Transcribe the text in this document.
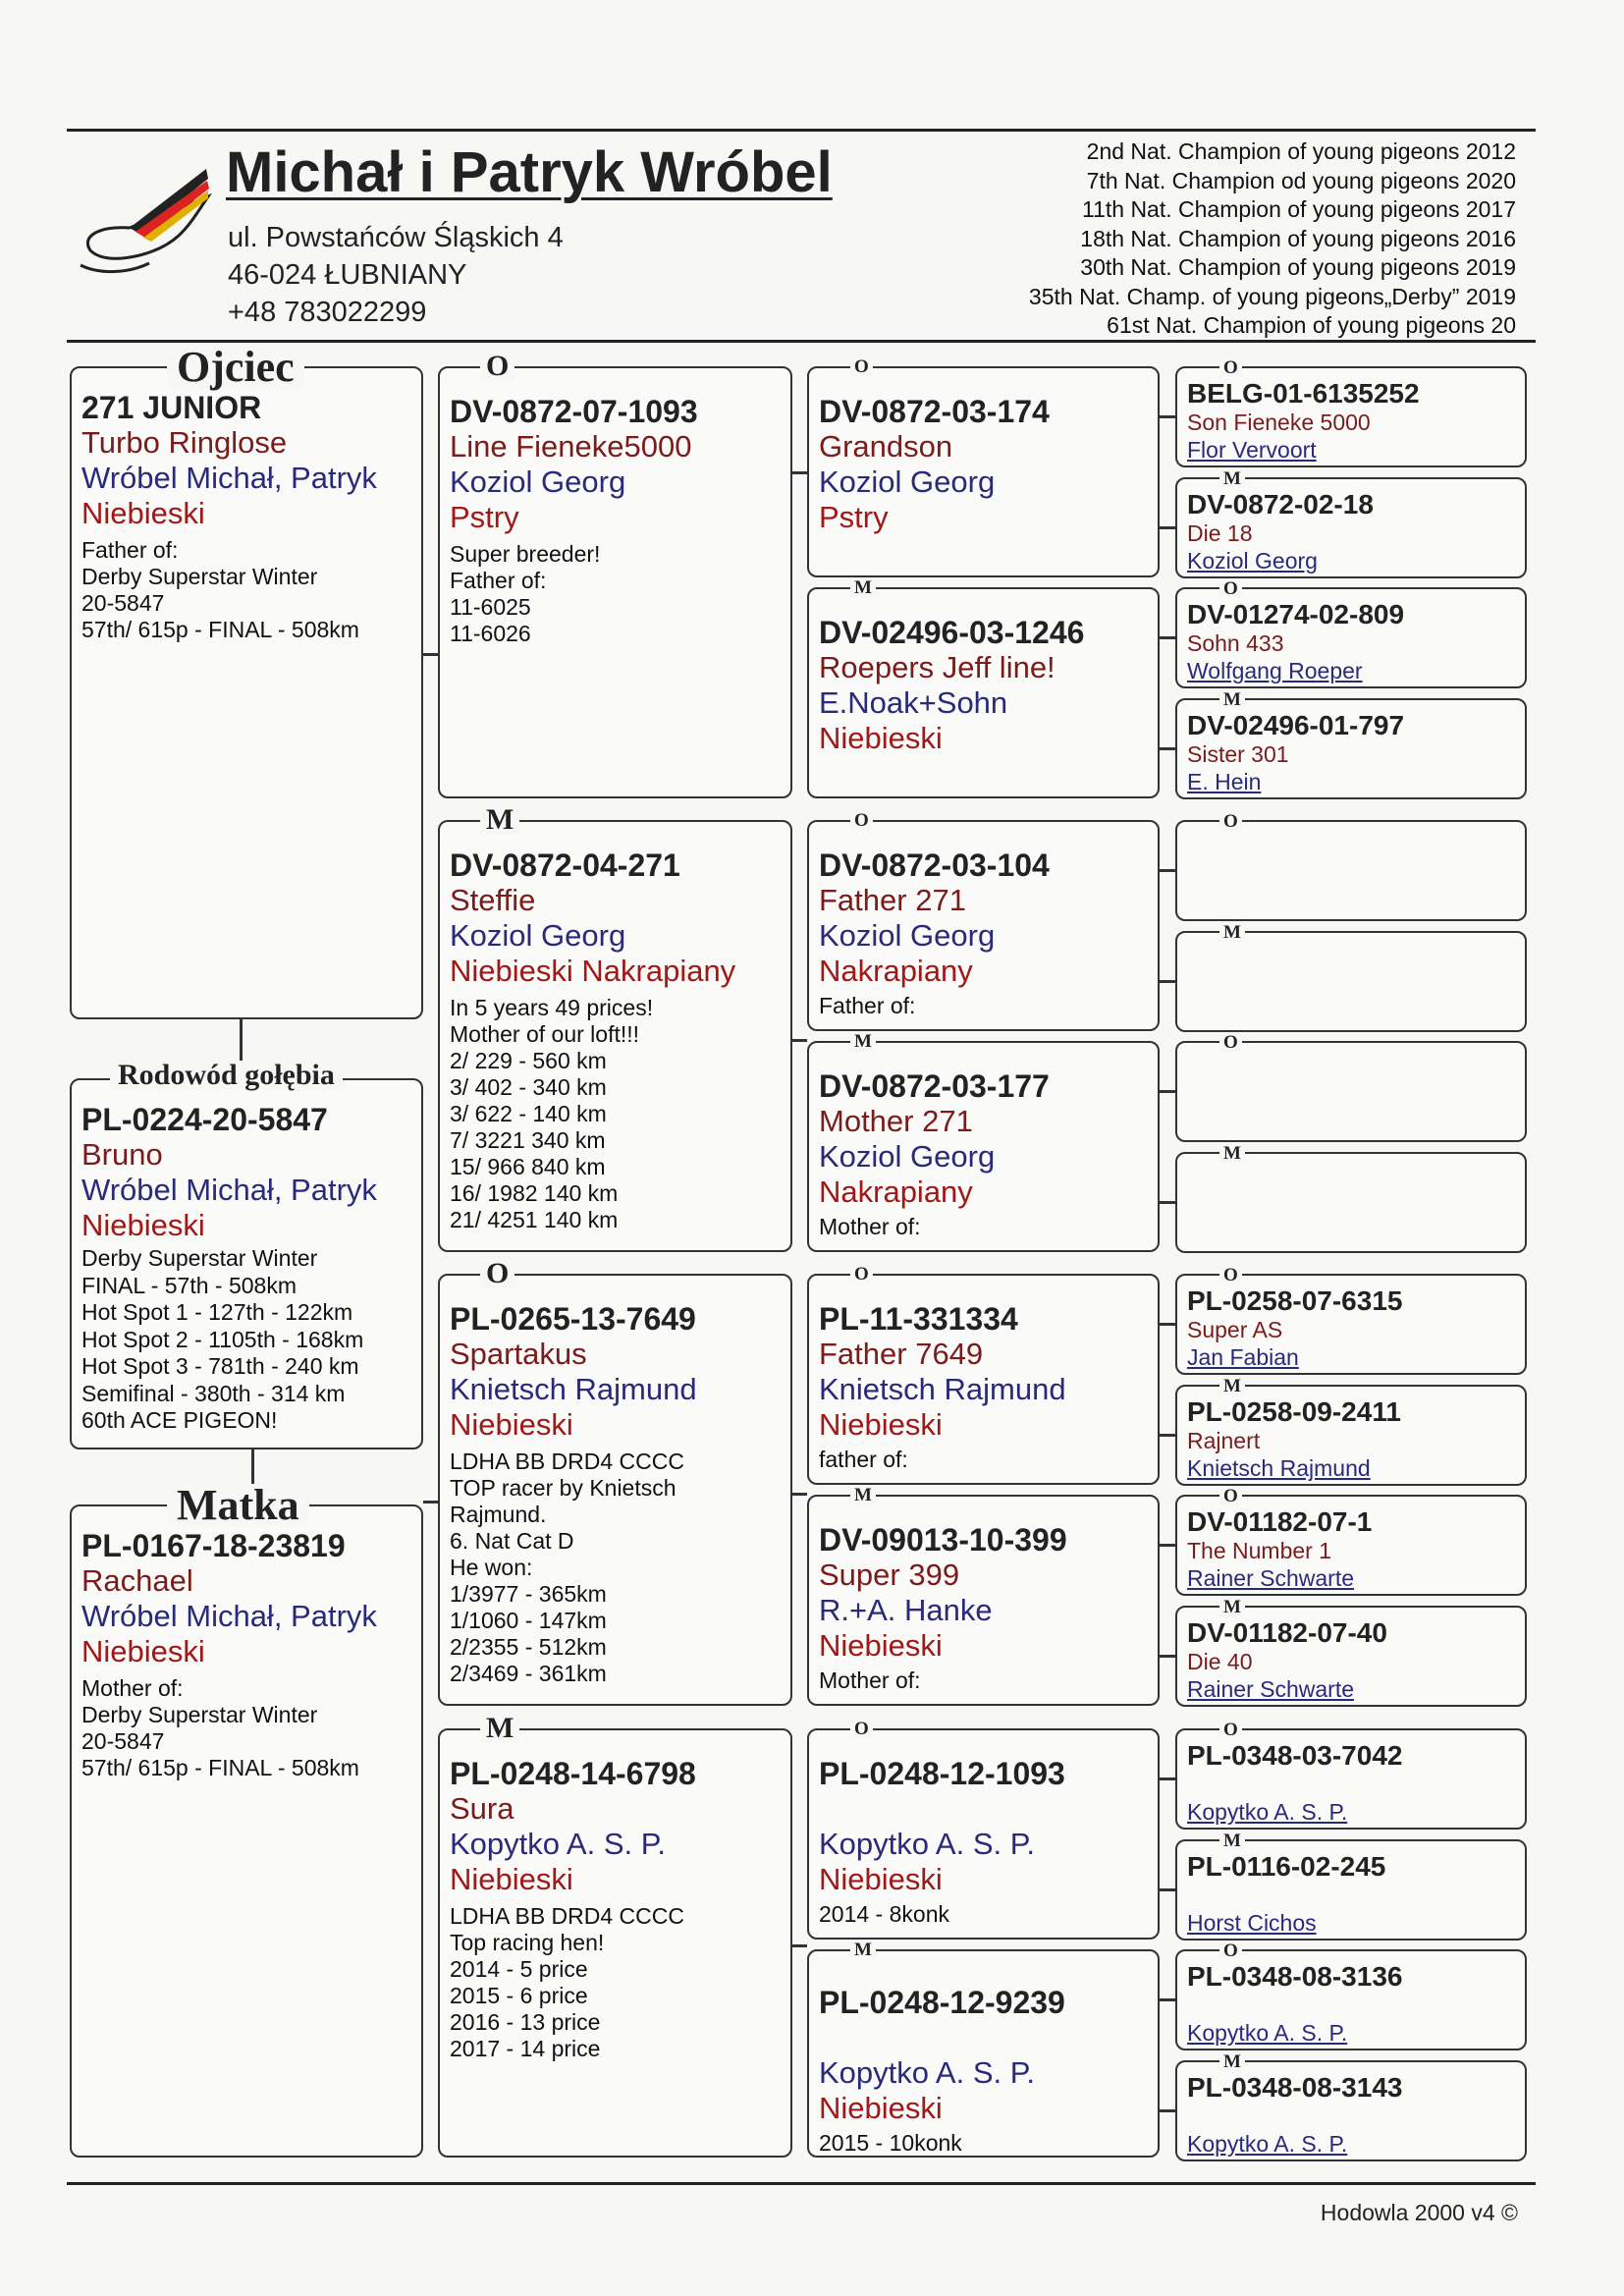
Michał i Patryk Wróbel
ul. Powstańców Śląskich 4
46-024 ŁUBNIANY
+48 783022299
2nd Nat. Champion of young pigeons 2012
7th Nat. Champion od young pigeons 2020
11th Nat. Champion of young pigeons 2017
18th Nat. Champion of young pigeons 2016
30th Nat. Champion of young pigeons 2019
35th Nat. Champ. of young pigeons„Derby” 2019
61st Nat. Champion of young pigeons 20
271 JUNIOR
Turbo Ringlose
Wróbel Michał, Patryk
Niebieski
Father of:
Derby Superstar Winter
20-5847
57th/ 615p - FINAL - 508km
Ojciec
PL-0224-20-5847
Bruno
Wróbel Michał, Patryk
Niebieski
Derby Superstar Winter
FINAL - 57th - 508km
Hot Spot 1 - 127th - 122km
Hot Spot 2 - 1105th - 168km
Hot Spot 3 - 781th - 240 km
Semifinal - 380th - 314 km
60th ACE PIGEON!
Rodowód gołębia
PL-0167-18-23819
Rachael
Wróbel Michał, Patryk
Niebieski
Mother of:
Derby Superstar Winter
20-5847
57th/ 615p - FINAL - 508km
Matka
DV-0872-07-1093
Line Fieneke5000
Koziol Georg
Pstry
Super breeder!
Father of:
11-6025
11-6026
O
DV-0872-04-271
Steffie
Koziol Georg
Niebieski Nakrapiany
In 5 years 49 prices!
Mother of our loft!!!
2/ 229 - 560 km
3/ 402 - 340 km
3/ 622 - 140 km
7/ 3221 340 km
15/ 966 840 km
16/ 1982 140 km
21/ 4251 140 km
M
PL-0265-13-7649
Spartakus
Knietsch Rajmund
Niebieski
LDHA BB DRD4 CCCC
TOP racer by Knietsch
Rajmund.
6. Nat Cat D
He won:
1/3977 - 365km
1/1060 - 147km
2/2355 - 512km
2/3469 - 361km
O
PL-0248-14-6798
Sura
Kopytko A. S. P.
Niebieski
LDHA BB DRD4 CCCC
Top racing hen!
2014 - 5 price
2015 - 6 price
2016 - 13 price
2017 - 14 price
M
DV-0872-03-174
Grandson
Koziol Georg
Pstry
O
DV-02496-03-1246
Roepers Jeff line!
E.Noak+Sohn
Niebieski
M
DV-0872-03-104
Father 271
Koziol Georg
Nakrapiany
Father of:
O
DV-0872-03-177
Mother 271
Koziol Georg
Nakrapiany
Mother of:
M
PL-11-331334
Father 7649
Knietsch Rajmund
Niebieski
father of:
O
DV-09013-10-399
Super 399
R.+A. Hanke
Niebieski
Mother of:
M
PL-0248-12-1093
Kopytko A. S. P.
Niebieski
2014 - 8konk
O
PL-0248-12-9239
Kopytko A. S. P.
Niebieski
2015 - 10konk
M
BELG-01-6135252
Son Fieneke 5000
Flor Vervoort
O
DV-0872-02-18
Die 18
Koziol Georg
M
DV-01274-02-809
Sohn 433
Wolfgang Roeper
O
DV-02496-01-797
Sister 301
E. Hein
M
O
M
O
M
PL-0258-07-6315
Super AS
Jan Fabian
O
PL-0258-09-2411
Rajnert
Knietsch Rajmund
M
DV-01182-07-1
The Number 1
Rainer Schwarte
O
DV-01182-07-40
Die 40
Rainer Schwarte
M
PL-0348-03-7042
Kopytko A. S. P.
O
PL-0116-02-245
Horst Cichos
M
PL-0348-08-3136
Kopytko A. S. P.
O
PL-0348-08-3143
Kopytko A. S. P.
M
Hodowla 2000 v4 ©
